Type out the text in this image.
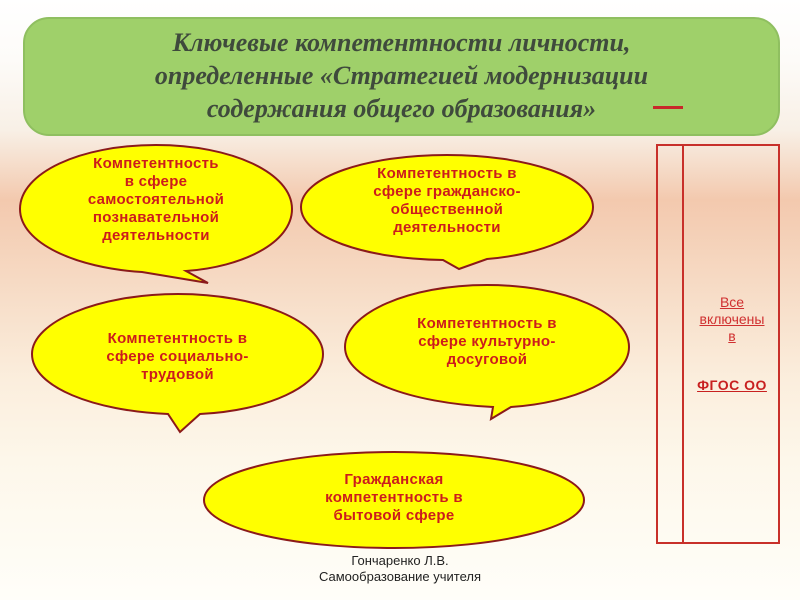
Ключевые компетентности личности,
определенные «Стратегией модернизации
содержания общего образования»
Компетентность
в сфере
самостоятельной
познавательной
деятельности
Компетентность в
сфере гражданско-
общественной
деятельности
Компетентность в
сфере социально-
трудовой
Компетентность в
сфере культурно-
досуговой
Гражданская
компетентность в
бытовой сфере
Все
включены
в
ФГОС ОО
Гончаренко Л.В.
Самообразование учителя
